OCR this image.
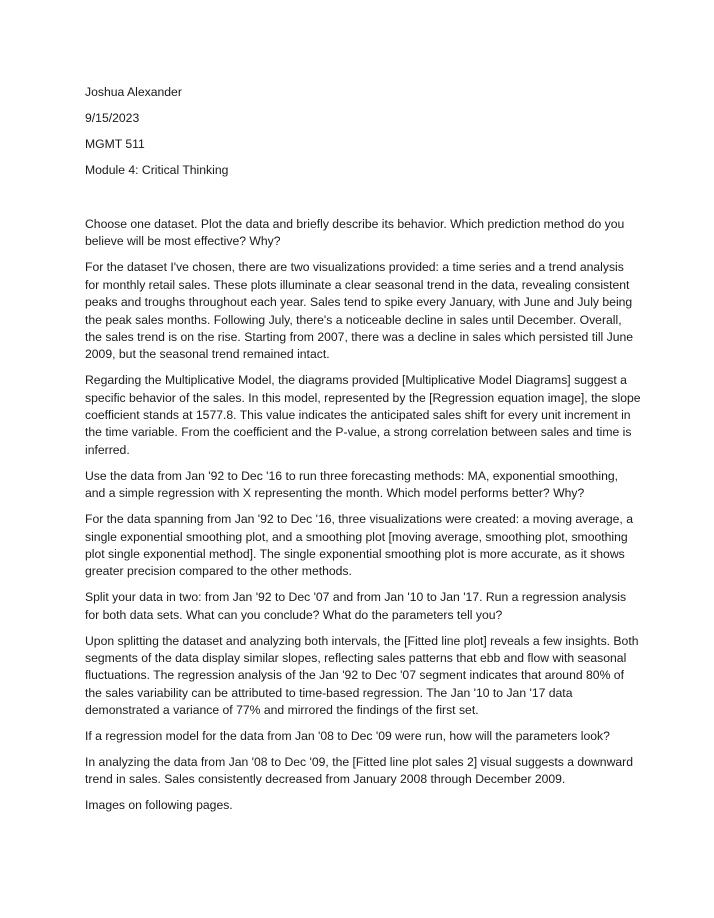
Joshua Alexander
9/15/2023
MGMT 511
Module 4: Critical Thinking

Choose one dataset. Plot the data and briefly describe its behavior. Which prediction method do you believe will be most effective? Why?

For the dataset I've chosen, there are two visualizations provided: a time series and a trend analysis for monthly retail sales. These plots illuminate a clear seasonal trend in the data, revealing consistent peaks and troughs throughout each year. Sales tend to spike every January, with June and July being the peak sales months. Following July, there's a noticeable decline in sales until December. Overall, the sales trend is on the rise. Starting from 2007, there was a decline in sales which persisted till June 2009, but the seasonal trend remained intact.

Regarding the Multiplicative Model, the diagrams provided [Multiplicative Model Diagrams] suggest a specific behavior of the sales. In this model, represented by the [Regression equation image], the slope coefficient stands at 1577.8. This value indicates the anticipated sales shift for every unit increment in the time variable. From the coefficient and the P-value, a strong correlation between sales and time is inferred.

Use the data from Jan '92 to Dec '16 to run three forecasting methods: MA, exponential smoothing, and a simple regression with X representing the month. Which model performs better? Why?

For the data spanning from Jan '92 to Dec '16, three visualizations were created: a moving average, a single exponential smoothing plot, and a smoothing plot [moving average, smoothing plot, smoothing plot single exponential method]. The single exponential smoothing plot is more accurate, as it shows greater precision compared to the other methods.

Split your data in two: from Jan '92 to Dec '07 and from Jan '10 to Jan '17. Run a regression analysis for both data sets. What can you conclude? What do the parameters tell you?

Upon splitting the dataset and analyzing both intervals, the [Fitted line plot] reveals a few insights. Both segments of the data display similar slopes, reflecting sales patterns that ebb and flow with seasonal fluctuations. The regression analysis of the Jan '92 to Dec '07 segment indicates that around 80% of the sales variability can be attributed to time-based regression. The Jan '10 to Jan '17 data demonstrated a variance of 77% and mirrored the findings of the first set.

If a regression model for the data from Jan '08 to Dec '09 were run, how will the parameters look?

In analyzing the data from Jan '08 to Dec '09, the [Fitted line plot sales 2] visual suggests a downward trend in sales. Sales consistently decreased from January 2008 through December 2009.

Images on following pages.
